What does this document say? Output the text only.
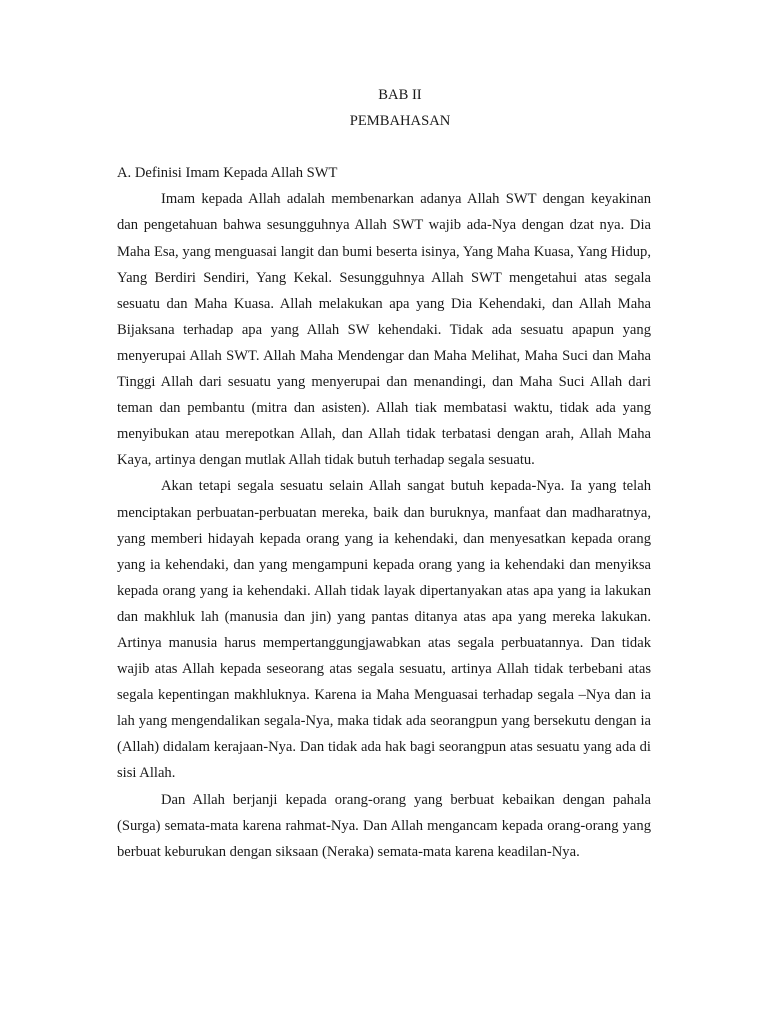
BAB II

PEMBAHASAN

A. Definisi Imam Kepada Allah SWT

Imam kepada Allah adalah membenarkan adanya Allah SWT dengan keyakinan dan pengetahuan bahwa sesungguhnya Allah SWT wajib ada-Nya dengan dzat nya. Dia Maha Esa, yang menguasai langit dan bumi beserta isinya, Yang Maha Kuasa, Yang Hidup, Yang Berdiri Sendiri, Yang Kekal. Sesungguhnya Allah SWT mengetahui atas segala sesuatu dan Maha Kuasa. Allah melakukan apa yang Dia Kehendaki, dan Allah Maha Bijaksana terhadap apa yang Allah SW kehendaki. Tidak ada sesuatu apapun yang menyerupai Allah SWT. Allah Maha Mendengar dan Maha Melihat, Maha Suci dan Maha Tinggi Allah dari sesuatu yang menyerupai dan menandingi, dan Maha Suci Allah dari teman dan pembantu (mitra dan asisten). Allah tiak membatasi waktu, tidak ada yang menyibukan atau merepotkan Allah, dan Allah tidak terbatasi dengan arah, Allah Maha Kaya, artinya dengan mutlak Allah tidak butuh terhadap segala sesuatu.

Akan tetapi segala sesuatu selain Allah sangat butuh kepada-Nya. Ia yang telah menciptakan perbuatan-perbuatan mereka, baik dan buruknya, manfaat dan madharatnya, yang memberi hidayah kepada orang yang ia kehendaki, dan menyesatkan kepada orang yang ia kehendaki, dan yang mengampuni kepada orang yang ia kehendaki dan menyiksa kepada orang yang ia kehendaki. Allah tidak layak dipertanyakan atas apa yang ia lakukan dan makhluk lah (manusia dan jin) yang pantas ditanya atas apa yang mereka lakukan. Artinya manusia harus mempertanggungjawabkan atas segala perbuatannya. Dan tidak wajib atas Allah kepada seseorang atas segala sesuatu, artinya Allah tidak terbebani atas segala kepentingan makhluknya. Karena ia Maha Menguasai terhadap segala –Nya dan ia lah yang mengendalikan segala-Nya, maka tidak ada seorangpun yang bersekutu dengan ia (Allah) didalam kerajaan-Nya. Dan tidak ada hak bagi seorangpun atas sesuatu yang ada di sisi Allah.

Dan Allah berjanji kepada orang-orang yang berbuat kebaikan dengan pahala (Surga) semata-mata karena rahmat-Nya. Dan Allah mengancam kepada orang-orang yang berbuat keburukan dengan siksaan (Neraka) semata-mata karena keadilan-Nya.
